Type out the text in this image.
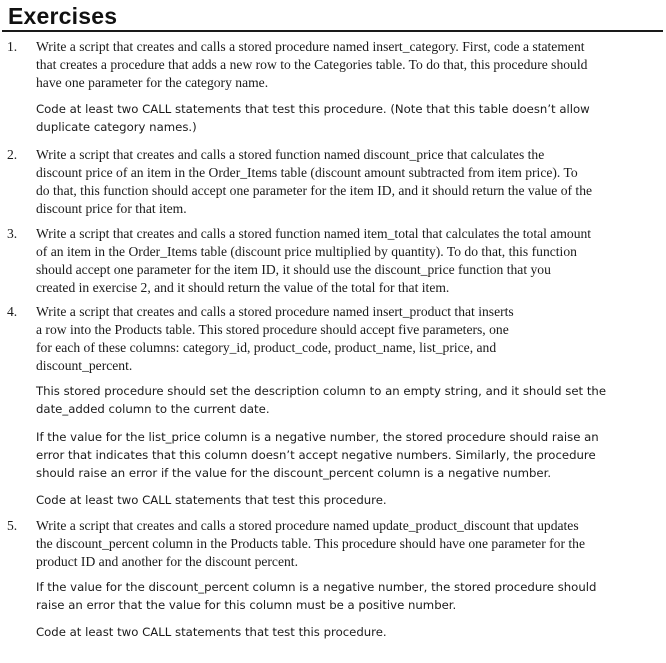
Exercises
1. Write a script that creates and calls a stored procedure named insert_category. First, code a statement
that creates a procedure that adds a new row to the Categories table. To do that, this procedure should
have one parameter for the category name.

Code at least two CALL statements that test this procedure. (Note that this table doesn’t allow
duplicate category names.)

2. Write a script that creates and calls a stored function named discount_price that calculates the
discount price of an item in the Order_Items table (discount amount subtracted from item price). To
do that, this function should accept one parameter for the item ID, and it should return the value of the
discount price for that item.

3. Write a script that creates and calls a stored function named item_total that calculates the total amount
of an item in the Order_Items table (discount price multiplied by quantity). To do that, this function
should accept one parameter for the item ID, it should use the discount_price function that you
created in exercise 2, and it should return the value of the total for that item.

4. Write a script that creates and calls a stored procedure named insert_product that inserts
a row into the Products table. This stored procedure should accept five parameters, one
for each of these columns: category_id, product_code, product_name, list_price, and
discount_percent.

This stored procedure should set the description column to an empty string, and it should set the
date_added column to the current date.

If the value for the list_price column is a negative number, the stored procedure should raise an
error that indicates that this column doesn’t accept negative numbers. Similarly, the procedure
should raise an error if the value for the discount_percent column is a negative number.

Code at least two CALL statements that test this procedure.

5. Write a script that creates and calls a stored procedure named update_product_discount that updates
the discount_percent column in the Products table. This procedure should have one parameter for the
product ID and another for the discount percent.

If the value for the discount_percent column is a negative number, the stored procedure should
raise an error that the value for this column must be a positive number.

Code at least two CALL statements that test this procedure.
